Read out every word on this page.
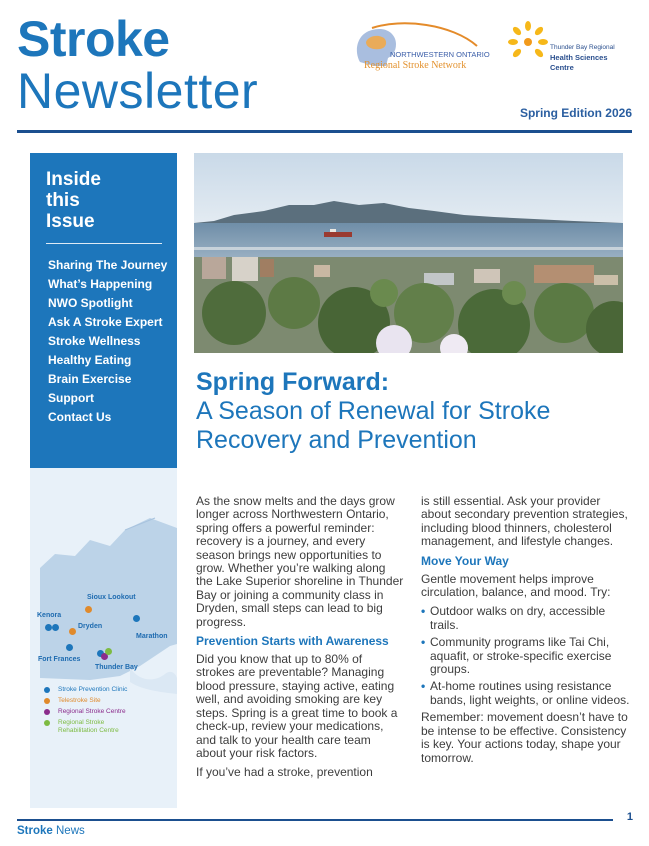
Stroke
Newsletter
NORTHWESTERN ONTARIO
Regional Stroke Network
Thunder Bay Regional
Health Sciences
Centre
Spring Edition 2026
Inside
this
Issue
Sharing The Journey
What’s Happening
NWO Spotlight
Ask A Stroke Expert
Stroke Wellness
Healthy Eating
Brain Exercise
Support
Contact Us
Sioux Lookout
Kenora
Dryden
Marathon
Fort Frances
Thunder Bay
Stroke Prevention Clinic
Telestroke Site
Regional Stroke Centre
Regional Stroke Rehabilitation Centre
Spring Forward:
A Season of Renewal for Stroke Recovery and Prevention

As the snow melts and the days grow longer across Northwestern Ontario, spring offers a powerful reminder: recovery is a journey, and every season brings new opportunities to grow. Whether you’re walking along the Lake Superior shoreline in Thunder Bay or joining a community class in Dryden, small steps can lead to big progress.

Prevention Starts with Awareness

Did you know that up to 80% of strokes are preventable? Managing blood pressure, staying active, eating well, and avoiding smoking are key steps. Spring is a great time to book a check-up, review your medications, and talk to your health care team about your risk factors.

If you’ve had a stroke, prevention

is still essential. Ask your provider about secondary prevention strategies, including blood thinners, cholesterol management, and lifestyle changes.

Move Your Way

Gentle movement helps improve circulation, balance, and mood. Try:

• Outdoor walks on dry, accessible trails.
• Community programs like Tai Chi, aquafit, or stroke-specific exercise groups.
• At-home routines using resistance bands, light weights, or online videos.

Remember: movement doesn’t have to be intense to be effective. Consistency is key. Your actions today, shape your tomorrow.

1
Stroke News
